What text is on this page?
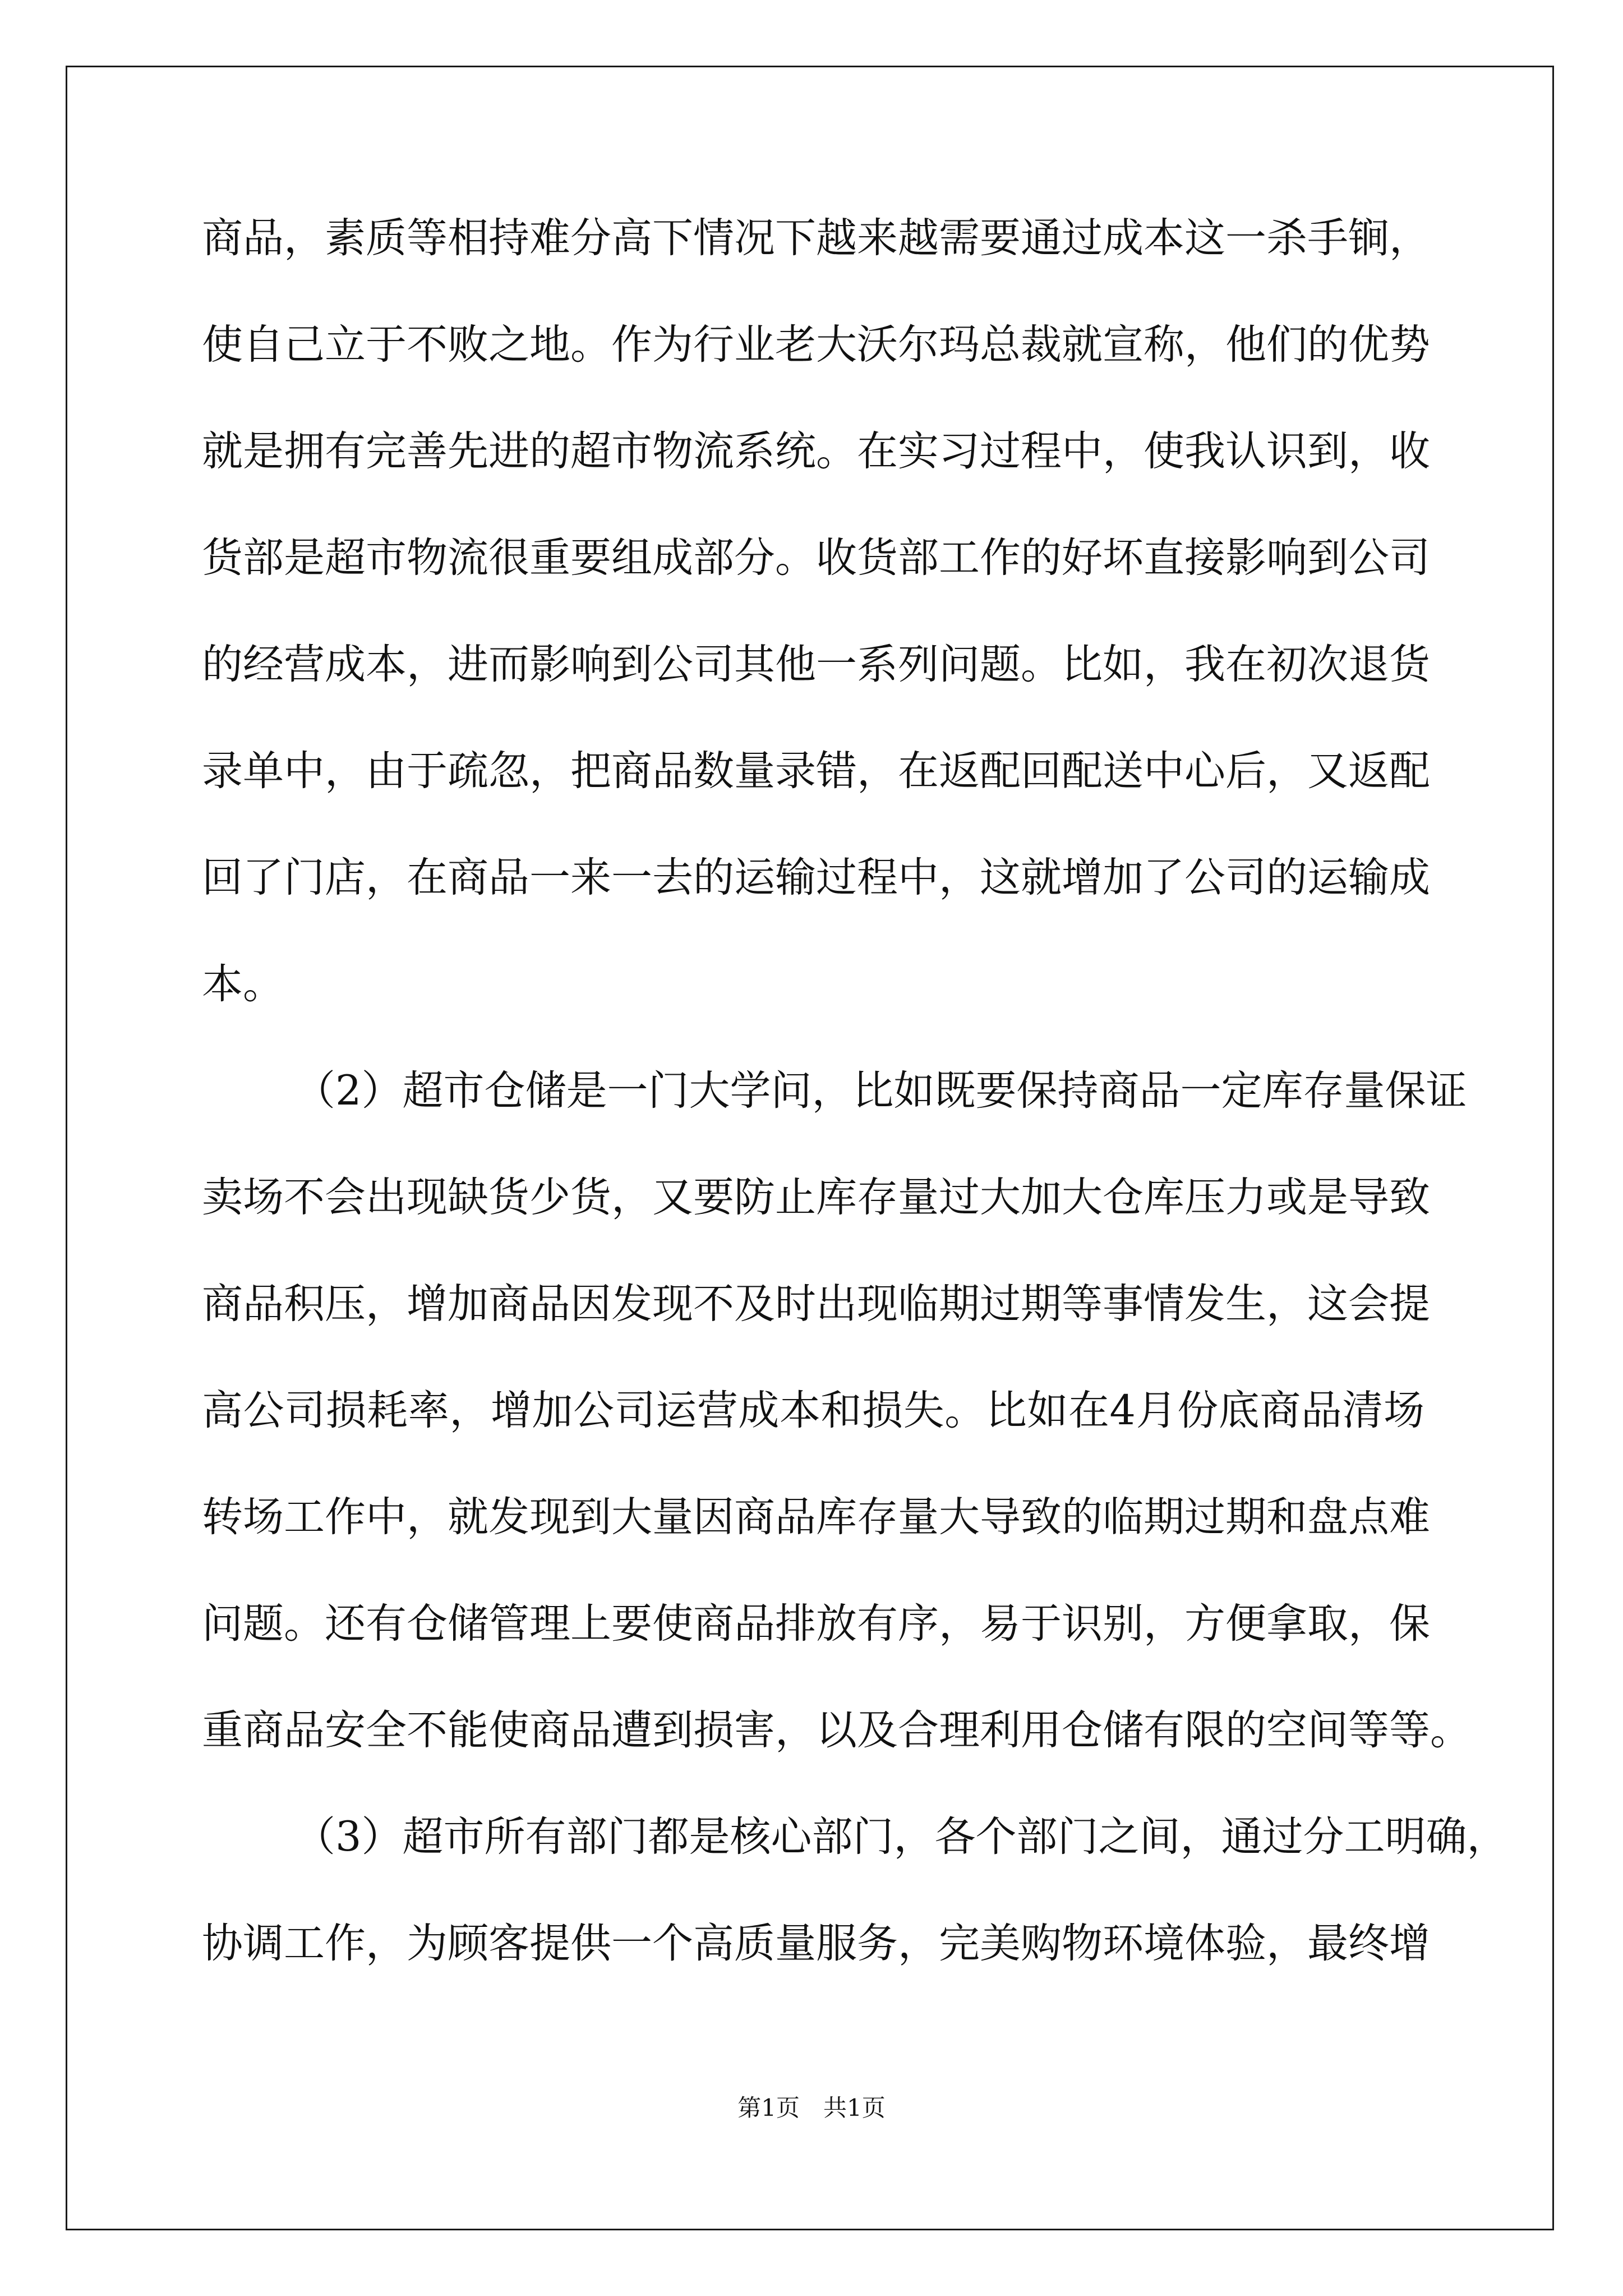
商品，素质等相持难分高下情况下越来越需要通过成本这一杀手锏，
使自己立于不败之地。作为行业老大沃尔玛总裁就宣称，他们的优势
就是拥有完善先进的超市物流系统。在实习过程中，使我认识到，收
货部是超市物流很重要组成部分。收货部工作的好坏直接影响到公司
的经营成本，进而影响到公司其他一系列问题。比如，我在初次退货
录单中，由于疏忽，把商品数量录错，在返配回配送中心后，又返配
回了门店，在商品一来一去的运输过程中，这就增加了公司的运输成
本。
（2）超市仓储是一门大学问，比如既要保持商品一定库存量保证
卖场不会出现缺货少货，又要防止库存量过大加大仓库压力或是导致
商品积压，增加商品因发现不及时出现临期过期等事情发生，这会提
高公司损耗率，增加公司运营成本和损失。比如在4月份底商品清场
转场工作中，就发现到大量因商品库存量大导致的临期过期和盘点难
问题。还有仓储管理上要使商品排放有序，易于识别，方便拿取，保
重商品安全不能使商品遭到损害，以及合理利用仓储有限的空间等等。
（3）超市所有部门都是核心部门，各个部门之间，通过分工明确，
协调工作，为顾客提供一个高质量服务，完美购物环境体验，最终增
第1页　共1页
